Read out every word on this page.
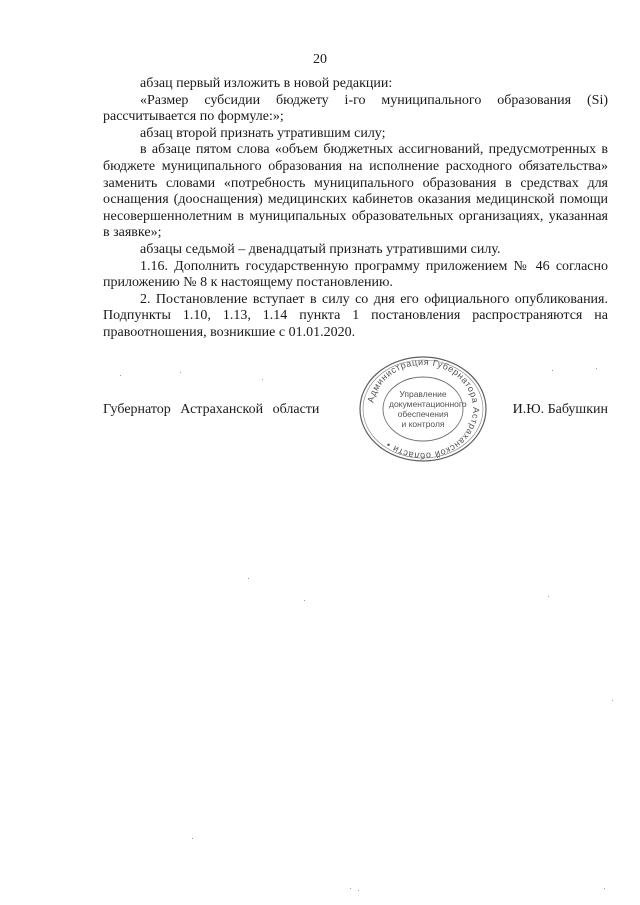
20

абзац первый изложить в новой редакции:

«Размер субсидии бюджету i-го муниципального образования (Si) рассчитывается по формуле:»;

абзац второй признать утратившим силу;

в абзаце пятом слова «объем бюджетных ассигнований, предусмотренных в бюджете муниципального образования на исполнение расходного обязательства» заменить словами «потребность муниципального образования в средствах для оснащения (дооснащения) медицинских кабинетов оказания медицинской помощи несовершеннолетним в муниципальных образовательных организациях, указанная в заявке»;

абзацы седьмой – двенадцатый признать утратившими силу.

1.16. Дополнить государственную программу приложением № 46 согласно приложению № 8 к настоящему постановлению.

2. Постановление вступает в силу со дня его официального опубликования. Подпункты 1.10, 1.13, 1.14 пункта 1 постановления распространяются на правоотношения, возникшие с 01.01.2020.

Губернатор Астраханской области	И.Ю. Бабушкин
Администрация Губернатора Астраханской области •
Управление
документационного
обеспечения
и контроля
